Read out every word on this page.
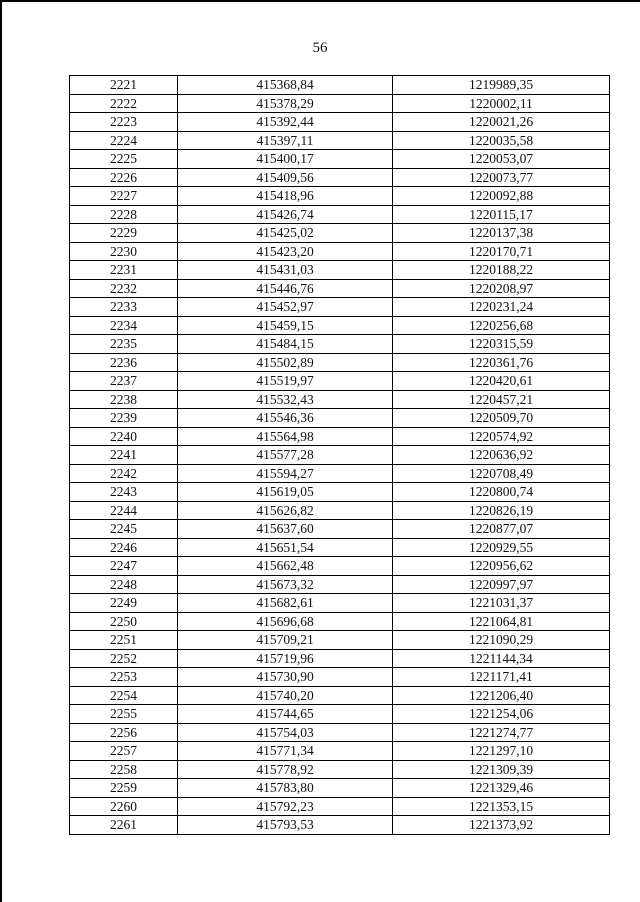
56
2221	415368,84	1219989,35
2222	415378,29	1220002,11
2223	415392,44	1220021,26
2224	415397,11	1220035,58
2225	415400,17	1220053,07
2226	415409,56	1220073,77
2227	415418,96	1220092,88
2228	415426,74	1220115,17
2229	415425,02	1220137,38
2230	415423,20	1220170,71
2231	415431,03	1220188,22
2232	415446,76	1220208,97
2233	415452,97	1220231,24
2234	415459,15	1220256,68
2235	415484,15	1220315,59
2236	415502,89	1220361,76
2237	415519,97	1220420,61
2238	415532,43	1220457,21
2239	415546,36	1220509,70
2240	415564,98	1220574,92
2241	415577,28	1220636,92
2242	415594,27	1220708,49
2243	415619,05	1220800,74
2244	415626,82	1220826,19
2245	415637,60	1220877,07
2246	415651,54	1220929,55
2247	415662,48	1220956,62
2248	415673,32	1220997,97
2249	415682,61	1221031,37
2250	415696,68	1221064,81
2251	415709,21	1221090,29
2252	415719,96	1221144,34
2253	415730,90	1221171,41
2254	415740,20	1221206,40
2255	415744,65	1221254,06
2256	415754,03	1221274,77
2257	415771,34	1221297,10
2258	415778,92	1221309,39
2259	415783,80	1221329,46
2260	415792,23	1221353,15
2261	415793,53	1221373,92
